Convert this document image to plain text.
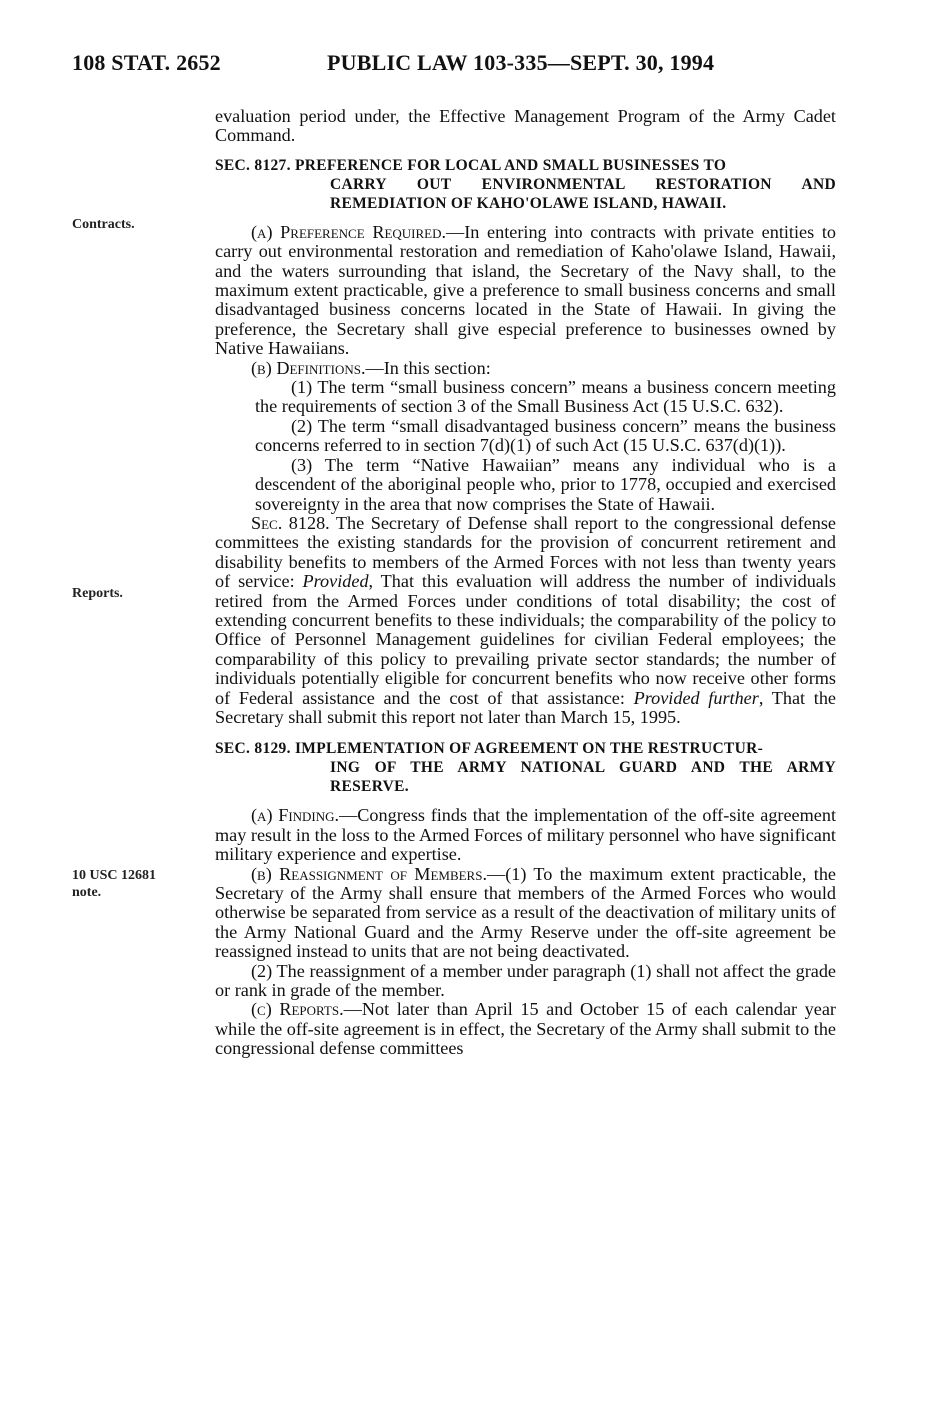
108 STAT. 2652	PUBLIC LAW 103-335—SEPT. 30, 1994
Contracts.
Reports.
10 USC 12681
note.

evaluation period under, the Effective Management Program of the Army Cadet Command.

SEC. 8127. PREFERENCE FOR LOCAL AND SMALL BUSINESSES TO
CARRY OUT ENVIRONMENTAL RESTORATION AND REMEDIATION OF KAHO'OLAWE ISLAND, HAWAII.

(a) Preference Required.—In entering into contracts with private entities to carry out environmental restoration and remediation of Kaho'olawe Island, Hawaii, and the waters surrounding that island, the Secretary of the Navy shall, to the maximum extent practicable, give a preference to small business concerns and small disadvantaged business concerns located in the State of Hawaii. In giving the preference, the Secretary shall give especial preference to businesses owned by Native Hawaiians.

(b) Definitions.—In this section:

(1) The term “small business concern” means a business concern meeting the requirements of section 3 of the Small Business Act (15 U.S.C. 632).

(2) The term “small disadvantaged business concern” means the business concerns referred to in section 7(d)(1) of such Act (15 U.S.C. 637(d)(1)).

(3) The term “Native Hawaiian” means any individual who is a descendent of the aboriginal people who, prior to 1778, occupied and exercised sovereignty in the area that now comprises the State of Hawaii.

Sec. 8128. The Secretary of Defense shall report to the congressional defense committees the existing standards for the provision of concurrent retirement and disability benefits to members of the Armed Forces with not less than twenty years of service: Provided, That this evaluation will address the number of individuals retired from the Armed Forces under conditions of total disability; the cost of extending concurrent benefits to these individuals; the comparability of the policy to Office of Personnel Management guidelines for civilian Federal employees; the comparability of this policy to prevailing private sector standards; the number of individuals potentially eligible for concurrent benefits who now receive other forms of Federal assistance and the cost of that assistance: Provided further, That the Secretary shall submit this report not later than March 15, 1995.

SEC. 8129. IMPLEMENTATION OF AGREEMENT ON THE RESTRUCTUR-
ING OF THE ARMY NATIONAL GUARD AND THE ARMY RESERVE.

(a) Finding.—Congress finds that the implementation of the off-site agreement may result in the loss to the Armed Forces of military personnel who have significant military experience and expertise.

(b) Reassignment of Members.—(1) To the maximum extent practicable, the Secretary of the Army shall ensure that members of the Armed Forces who would otherwise be separated from service as a result of the deactivation of military units of the Army National Guard and the Army Reserve under the off-site agreement be reassigned instead to units that are not being deactivated.

(2) The reassignment of a member under paragraph (1) shall not affect the grade or rank in grade of the member.

(c) Reports.—Not later than April 15 and October 15 of each calendar year while the off-site agreement is in effect, the Secretary of the Army shall submit to the congressional defense committees
